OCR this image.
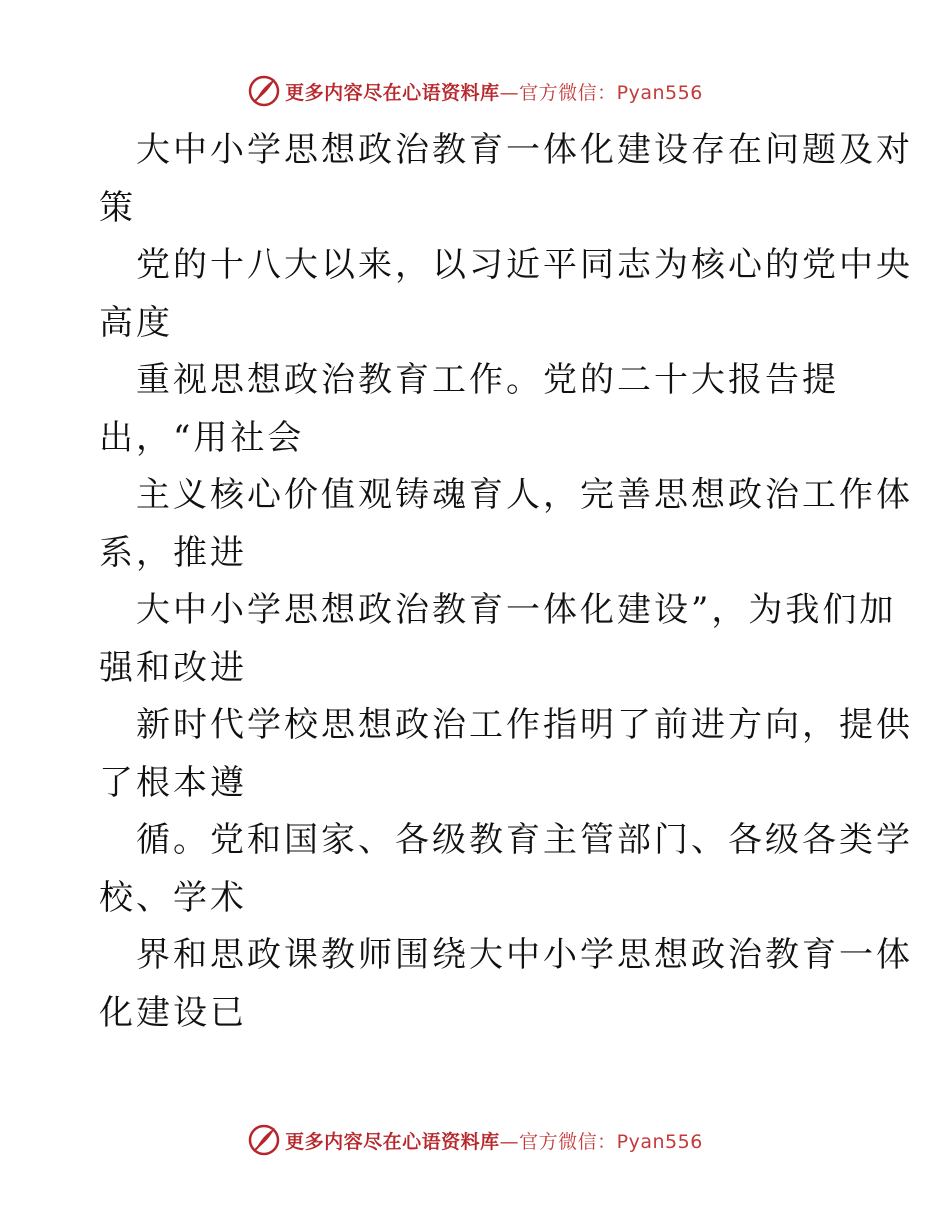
更多内容尽在心语资料库—官方微信：Pyan556
大中小学思想政治教育一体化建设存在问题及对
策
党的十八大以来，以习近平同志为核心的党中央
高度
重视思想政治教育工作。党的二十大报告提
出，“用社会
主义核心价值观铸魂育人，完善思想政治工作体
系，推进
大中小学思想政治教育一体化建设”，为我们加
强和改进
新时代学校思想政治工作指明了前进方向，提供
了根本遵
循。党和国家、各级教育主管部门、各级各类学
校、学术
界和思政课教师围绕大中小学思想政治教育一体
化建设已
更多内容尽在心语资料库—官方微信：Pyan556
